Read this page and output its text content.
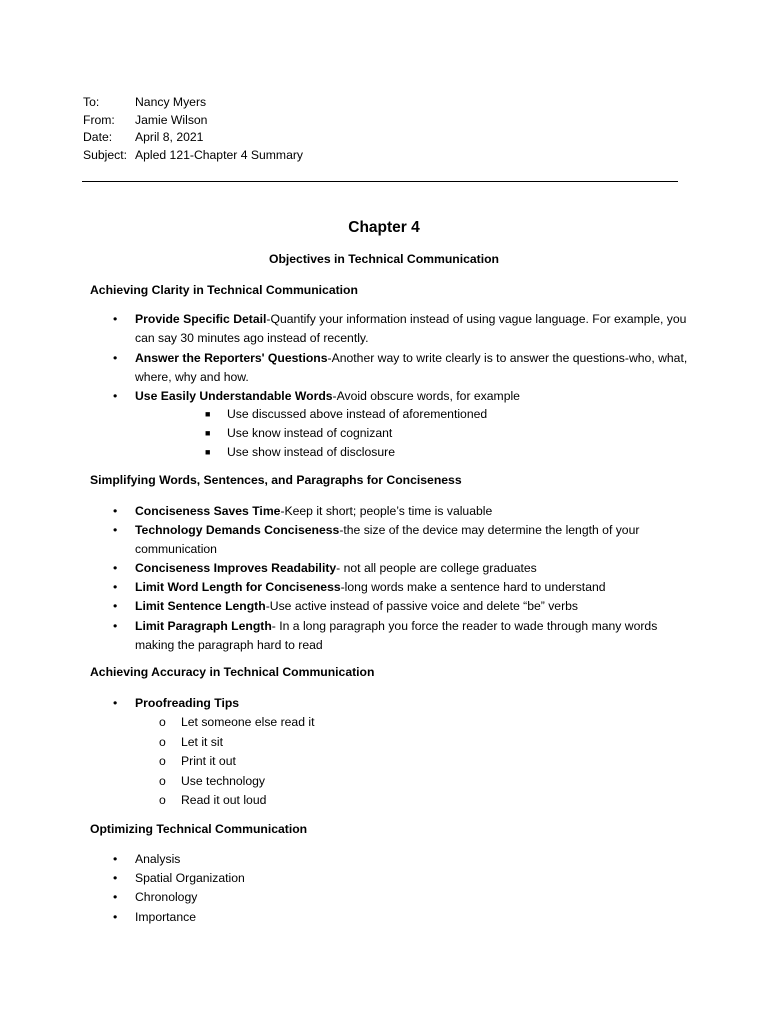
To:	Nancy Myers
From: Jamie Wilson
Date: April 8, 2021
Subject: Apled 121-Chapter 4 Summary
Chapter 4
Objectives in Technical Communication
Achieving Clarity in Technical Communication
• Provide Specific Detail-Quantify your information instead of using vague language. For example, you can say 30 minutes ago instead of recently.
• Answer the Reporters' Questions-Another way to write clearly is to answer the questions-who, what, where, why and how.
• Use Easily Understandable Words-Avoid obscure words, for example
■ Use discussed above instead of aforementioned
■ Use know instead of cognizant
■ Use show instead of disclosure
Simplifying Words, Sentences, and Paragraphs for Conciseness
• Conciseness Saves Time-Keep it short; people’s time is valuable
• Technology Demands Conciseness-the size of the device may determine the length of your communication
• Conciseness Improves Readability- not all people are college graduates
• Limit Word Length for Conciseness-long words make a sentence hard to understand
• Limit Sentence Length-Use active instead of passive voice and delete “be” verbs
• Limit Paragraph Length- In a long paragraph you force the reader to wade through many words making the paragraph hard to read
Achieving Accuracy in Technical Communication
• Proofreading Tips
o Let someone else read it
o Let it sit
o Print it out
o Use technology
o Read it out loud
Optimizing Technical Communication
• Analysis
• Spatial Organization
• Chronology
• Importance
